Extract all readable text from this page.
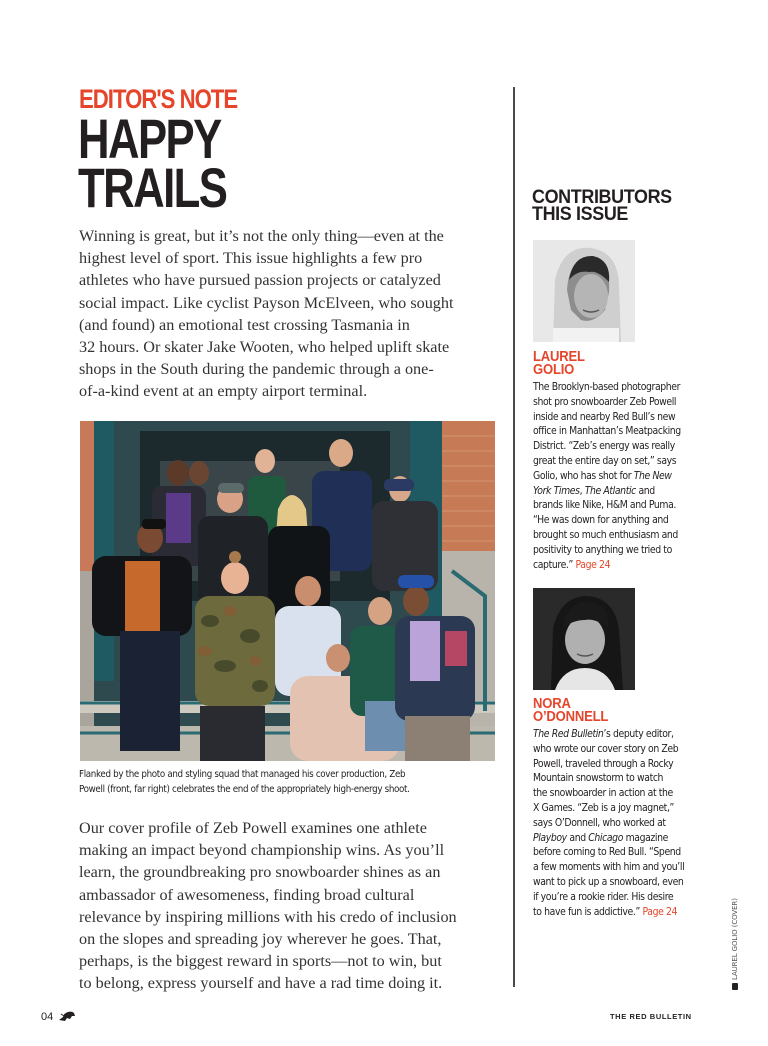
EDITOR'S NOTE
HAPPY
TRAILS

Winning is great, but it’s not the only thing—even at the
highest level of sport. This issue highlights a few pro
athletes who have pursued passion projects or catalyzed
social impact. Like cyclist Payson McElveen, who sought
(and found) an emotional test crossing Tasmania in
32 hours. Or skater Jake Wooten, who helped uplift skate
shops in the South during the pandemic through a one-
of-a-kind event at an empty airport terminal.

Flanked by the photo and styling squad that managed his cover production, Zeb
Powell (front, far right) celebrates the end of the appropriately high-energy shoot.
Our cover profile of Zeb Powell examines one athlete
making an impact beyond championship wins. As you’ll
learn, the groundbreaking pro snowboarder shines as an
ambassador of awesomeness, finding broad cultural
relevance by inspiring millions with his credo of inclusion
on the slopes and spreading joy wherever he goes. That,
perhaps, is the biggest reward in sports—not to win, but
to belong, express yourself and have a rad time doing it.
CONTRIBUTORS
THIS ISSUE
LAUREL
GOLIO

The Brooklyn-based photographer

shot pro snowboarder Zeb Powell

inside and nearby Red Bull’s new

office in Manhattan’s Meatpacking

District. “Zeb’s energy was really

great the entire day on set,” says

Golio, who has shot for The New

York Times, The Atlantic and

brands like Nike, H&M and Puma.

“He was down for anything and

brought so much enthusiasm and

positivity to anything we tried to

capture.” Page 24

NORA
O’DONNELL

The Red Bulletin’s deputy editor,

who wrote our cover story on Zeb

Powell, traveled through a Rocky

Mountain snowstorm to watch

the snowboarder in action at the

X Games. “Zeb is a joy magnet,”

says O’Donnell, who worked at

Playboy and Chicago magazine

before coming to Red Bull. “Spend

a few moments with him and you’ll

want to pick up a snowboard, even

if you’re a rookie rider. His desire

to have fun is addictive.” Page 24	LAUREL GOLIO (COVER)
04	THE RED BULLETIN
